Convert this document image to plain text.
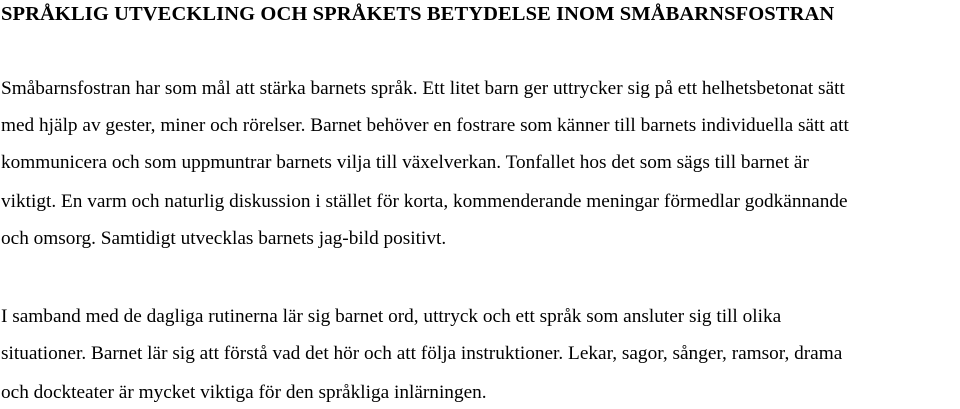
SPRÅKLIG UTVECKLING OCH SPRÅKETS BETYDELSE INOM SMÅBARNSFOSTRAN

Småbarnsfostran har som mål att stärka barnets språk. Ett litet barn ger uttrycker sig på ett helhetsbetonat sätt

med hjälp av gester, miner och rörelser. Barnet behöver en fostrare som känner till barnets individuella sätt att

kommunicera och som uppmuntrar barnets vilja till växelverkan. Tonfallet hos det som sägs till barnet är

viktigt. En varm och naturlig diskussion i stället för korta, kommenderande meningar förmedlar godkännande

och omsorg. Samtidigt utvecklas barnets jag-bild positivt.

I samband med de dagliga rutinerna lär sig barnet ord, uttryck och ett språk som ansluter sig till olika

situationer. Barnet lär sig att förstå vad det hör och att följa instruktioner. Lekar, sagor, sånger, ramsor, drama

och dockteater är mycket viktiga för den språkliga inlärningen.
